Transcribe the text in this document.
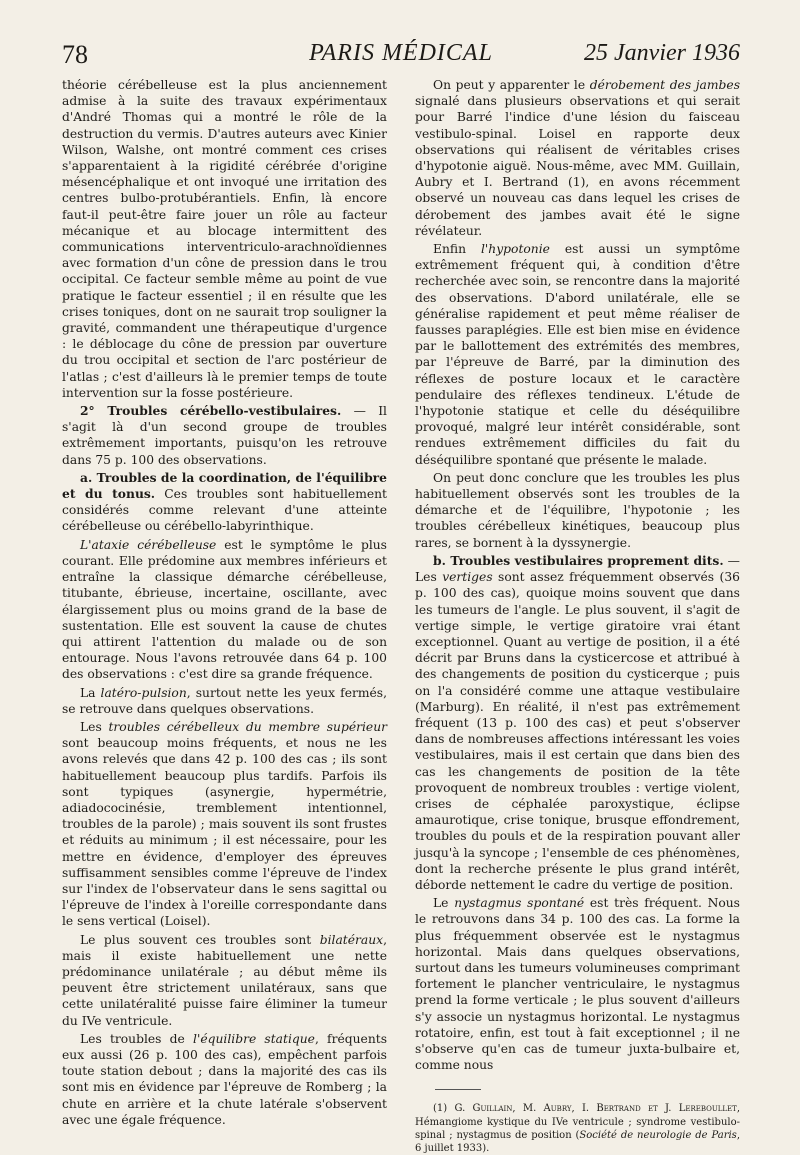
78	PARIS MÉDICAL	25 Janvier 1936

théorie cérébelleuse est la plus anciennement admise à la suite des travaux expérimentaux d'André Thomas qui a montré le rôle de la destruction du vermis. D'autres auteurs avec Kinier Wilson, Walshe, ont montré comment ces crises s'apparentaient à la rigidité cérébrée d'origine mésencéphalique et ont invoqué une irritation des centres bulbo-protubérantiels. Enfin, là encore faut-il peut-être faire jouer un rôle au facteur mécanique et au blocage intermittent des communications interventriculo-arachnoïdiennes avec formation d'un cône de pression dans le trou occipital. Ce facteur semble même au point de vue pratique le facteur essentiel ; il en résulte que les crises toniques, dont on ne saurait trop souligner la gravité, commandent une thérapeutique d'urgence : le déblocage du cône de pression par ouverture du trou occipital et section de l'arc postérieur de l'atlas ; c'est d'ailleurs là le premier temps de toute intervention sur la fosse postérieure.

2° Troubles cérébello-vestibulaires. — Il s'agit là d'un second groupe de troubles extrêmement importants, puisqu'on les retrouve dans 75 p. 100 des observations.

a. Troubles de la coordination, de l'équilibre et du tonus. Ces troubles sont habituellement considérés comme relevant d'une atteinte cérébelleuse ou cérébello-labyrinthique.

L'ataxie cérébelleuse est le symptôme le plus courant. Elle prédomine aux membres inférieurs et entraîne la classique démarche cérébelleuse, titubante, ébrieuse, incertaine, oscillante, avec élargissement plus ou moins grand de la base de sustentation. Elle est souvent la cause de chutes qui attirent l'attention du malade ou de son entourage. Nous l'avons retrouvée dans 64 p. 100 des observations : c'est dire sa grande fréquence.

La latéro-pulsion, surtout nette les yeux fermés, se retrouve dans quelques observations.

Les troubles cérébelleux du membre supérieur sont beaucoup moins fréquents, et nous ne les avons relevés que dans 42 p. 100 des cas ; ils sont habituellement beaucoup plus tardifs. Parfois ils sont typiques (asynergie, hypermétrie, adiadococinésie, tremblement intentionnel, troubles de la parole) ; mais souvent ils sont frustes et réduits au minimum ; il est nécessaire, pour les mettre en évidence, d'employer des épreuves suffisamment sensibles comme l'épreuve de l'index sur l'index de l'observateur dans le sens sagittal ou l'épreuve de l'index à l'oreille correspondante dans le sens vertical (Loisel).

Le plus souvent ces troubles sont bilatéraux, mais il existe habituellement une nette prédominance unilatérale ; au début même ils peuvent être strictement unilatéraux, sans que cette unilatéralité puisse faire éliminer la tumeur du IVe ventricule.

Les troubles de l'équilibre statique, fréquents eux aussi (26 p. 100 des cas), empêchent parfois toute station debout ; dans la majorité des cas ils sont mis en évidence par l'épreuve de Romberg ; la chute en arrière et la chute latérale s'observent avec une égale fréquence.

On peut y apparenter le dérobement des jambes signalé dans plusieurs observations et qui serait pour Barré l'indice d'une lésion du faisceau vestibulo-spinal. Loisel en rapporte deux observations qui réalisent de véritables crises d'hypotonie aiguë. Nous-même, avec MM. Guillain, Aubry et I. Bertrand (1), en avons récemment observé un nouveau cas dans lequel les crises de dérobement des jambes avait été le signe révélateur.

Enfin l'hypotonie est aussi un symptôme extrêmement fréquent qui, à condition d'être recherchée avec soin, se rencontre dans la majorité des observations. D'abord unilatérale, elle se généralise rapidement et peut même réaliser de fausses paraplégies. Elle est bien mise en évidence par le ballottement des extrémités des membres, par l'épreuve de Barré, par la diminution des réflexes de posture locaux et le caractère pendulaire des réflexes tendineux. L'étude de l'hypotonie statique et celle du déséquilibre provoqué, malgré leur intérêt considérable, sont rendues extrêmement difficiles du fait du déséquilibre spontané que présente le malade.

On peut donc conclure que les troubles les plus habituellement observés sont les troubles de la démarche et de l'équilibre, l'hypotonie ; les troubles cérébelleux kinétiques, beaucoup plus rares, se bornent à la dyssynergie.

b. Troubles vestibulaires proprement dits. — Les vertiges sont assez fréquemment observés (36 p. 100 des cas), quoique moins souvent que dans les tumeurs de l'angle. Le plus souvent, il s'agit de vertige simple, le vertige giratoire vrai étant exceptionnel. Quant au vertige de position, il a été décrit par Bruns dans la cysticercose et attribué à des changements de position du cysticerque ; puis on l'a considéré comme une attaque vestibulaire (Marburg). En réalité, il n'est pas extrêmement fréquent (13 p. 100 des cas) et peut s'observer dans de nombreuses affections intéressant les voies vestibulaires, mais il est certain que dans bien des cas les changements de position de la tête provoquent de nombreux troubles : vertige violent, crises de céphalée paroxystique, éclipse amaurotique, crise tonique, brusque effondrement, troubles du pouls et de la respiration pouvant aller jusqu'à la syncope ; l'ensemble de ces phénomènes, dont la recherche présente le plus grand intérêt, déborde nettement le cadre du vertige de position.

Le nystagmus spontané est très fréquent. Nous le retrouvons dans 34 p. 100 des cas. La forme la plus fréquemment observée est le nystagmus horizontal. Mais dans quelques observations, surtout dans les tumeurs volumineuses comprimant fortement le plancher ventriculaire, le nystagmus prend la forme verticale ; le plus souvent d'ailleurs s'y associe un nystagmus horizontal. Le nystagmus rotatoire, enfin, est tout à fait exceptionnel ; il ne s'observe qu'en cas de tumeur juxta-bulbaire et, comme nous

(1) G. Guillain, M. Aubry, I. Bertrand et J. Lereboullet, Hémangiome kystique du IVe ventricule ; syndrome vestibulo-spinal ; nystagmus de position (Société de neurologie de Paris, 6 juillet 1933).
